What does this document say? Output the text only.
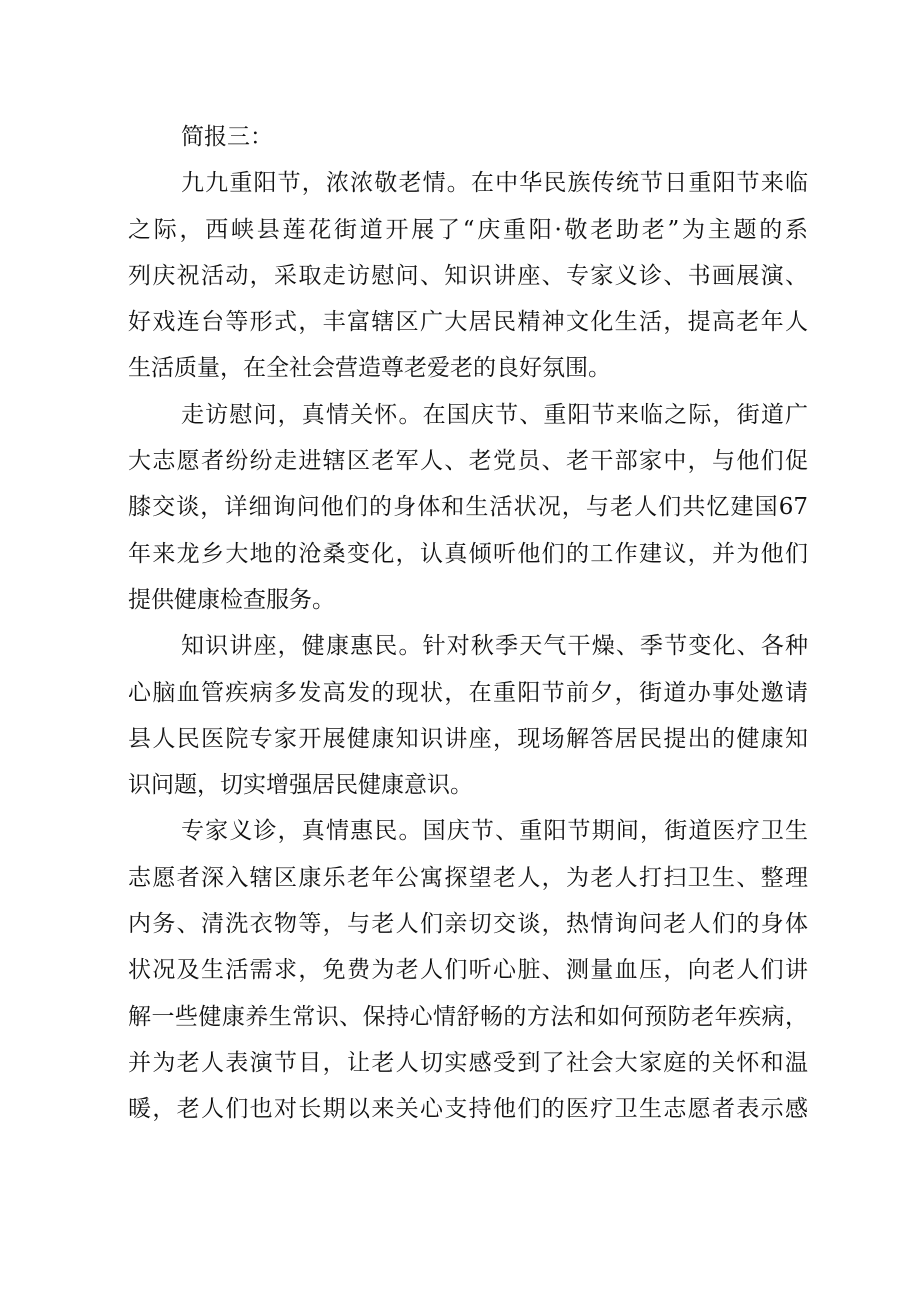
简报三：
九九重阳节，浓浓敬老情。在中华民族传统节日重阳节来临
之际，西峡县莲花街道开展了“庆重阳·敬老助老”为主题的系
列庆祝活动，采取走访慰问、知识讲座、专家义诊、书画展演、
好戏连台等形式，丰富辖区广大居民精神文化生活，提高老年人
生活质量，在全社会营造尊老爱老的良好氛围。
走访慰问，真情关怀。在国庆节、重阳节来临之际，街道广
大志愿者纷纷走进辖区老军人、老党员、老干部家中，与他们促
膝交谈，详细询问他们的身体和生活状况，与老人们共忆建国67
年来龙乡大地的沧桑变化，认真倾听他们的工作建议，并为他们
提供健康检查服务。
知识讲座，健康惠民。针对秋季天气干燥、季节变化、各种
心脑血管疾病多发高发的现状，在重阳节前夕，街道办事处邀请
县人民医院专家开展健康知识讲座，现场解答居民提出的健康知
识问题，切实增强居民健康意识。
专家义诊，真情惠民。国庆节、重阳节期间，街道医疗卫生
志愿者深入辖区康乐老年公寓探望老人，为老人打扫卫生、整理
内务、清洗衣物等，与老人们亲切交谈，热情询问老人们的身体
状况及生活需求，免费为老人们听心脏、测量血压，向老人们讲
解一些健康养生常识、保持心情舒畅的方法和如何预防老年疾病，
并为老人表演节目，让老人切实感受到了社会大家庭的关怀和温
暖，老人们也对长期以来关心支持他们的医疗卫生志愿者表示感
